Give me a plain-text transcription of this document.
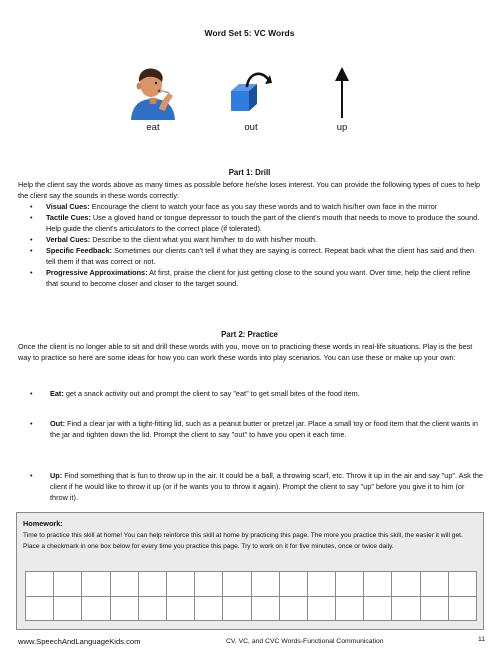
Word Set 5: VC Words
eat	out	up
Part 1: Drill
Help the client say the words above as many times as possible before he/she loses interest. You can provide the following types of cues to help the client say the sounds in these words correctly:
• Visual Cues: Encourage the client to watch your face as you say these words and to watch his/her own face in the mirror
• Tactile Cues: Use a gloved hand or tongue depressor to touch the part of the client's mouth that needs to move to produce the sound. Help guide the client's articulators to the correct place (if tolerated).
• Verbal Cues: Describe to the client what you want him/her to do with his/her mouth.
• Specific Feedback: Sometimes our clients can't tell if what they are saying is correct. Repeat back what the client has said and then tell them if that was correct or not.
• Progressive Approximations: At first, praise the client for just getting close to the sound you want. Over time, help the client refine that sound to become closer and closer to the target sound.
Part 2: Practice
Once the client is no longer able to sit and drill these words with you, move on to practicing these words in real-life situations. Play is the best way to practice so here are some ideas for how you can work these words into play scenarios. You can use these or make up your own:
• Eat: get a snack activity out and prompt the client to say "eat" to get small bites of the food item.
• Out: Find a clear jar with a tight-fitting lid, such as a peanut butter or pretzel jar. Place a small toy or food item that the client wants in the jar and tighten down the lid. Prompt the client to say "out" to have you open it each time.
• Up: Find something that is fun to throw up in the air. It could be a ball, a throwing scarf, etc. Throw it up in the air and say "up". Ask the client if he would like to throw it up (or if he wants you to throw it again). Prompt the client to say "up" before you give it to him (or throw it).
Homework:
Time to practice this skill at home! You can help reinforce this skill at home by practicing this page. The more you practice this skill, the easier it will get. Place a checkmark in one box below for every time you practice this page. Try to work on it for five minutes, once or twice daily.

www.SpeechAndLanguageKids.com	CV, VC, and CVC Words-Functional Communication	11
